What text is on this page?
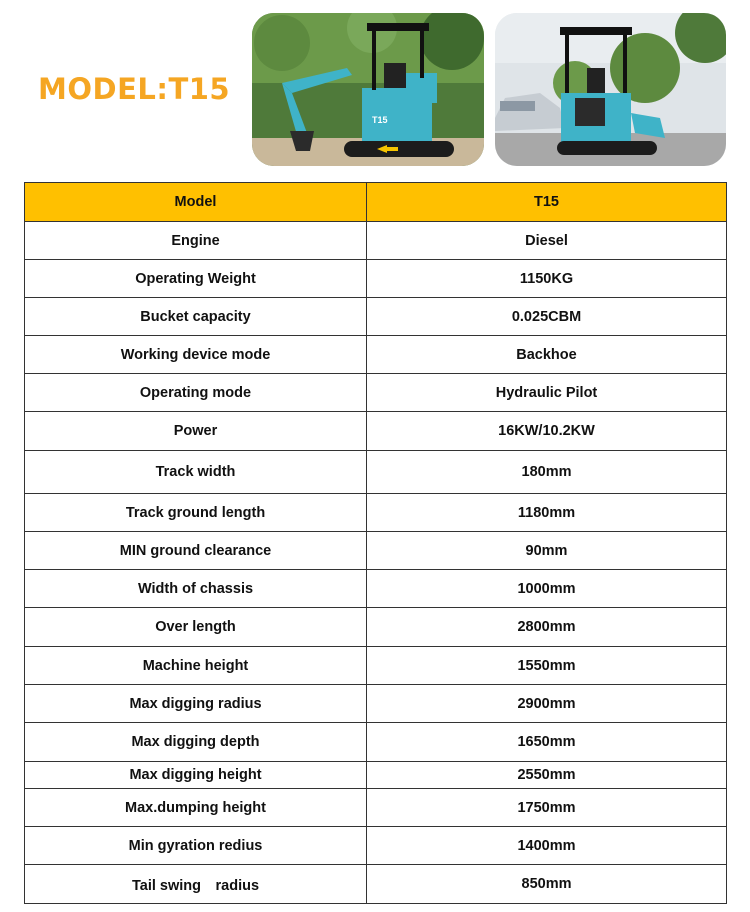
MODEL:T15
T15
Model	T15
Engine	Diesel
Operating Weight	1150KG
Bucket capacity	0.025CBM
Working device mode	Backhoe
Operating mode	Hydraulic Pilot
Power	16KW/10.2KW
Track width	180mm
Track ground length	1180mm
MIN ground clearance	90mm
Width of chassis	1000mm
Over length	2800mm
Machine height	1550mm
Max digging radius	2900mm
Max digging depth	1650mm
Max digging height	2550mm
Max.dumping height	1750mm
Min gyration redius	1400mm
Tail swing　radius	850mm
